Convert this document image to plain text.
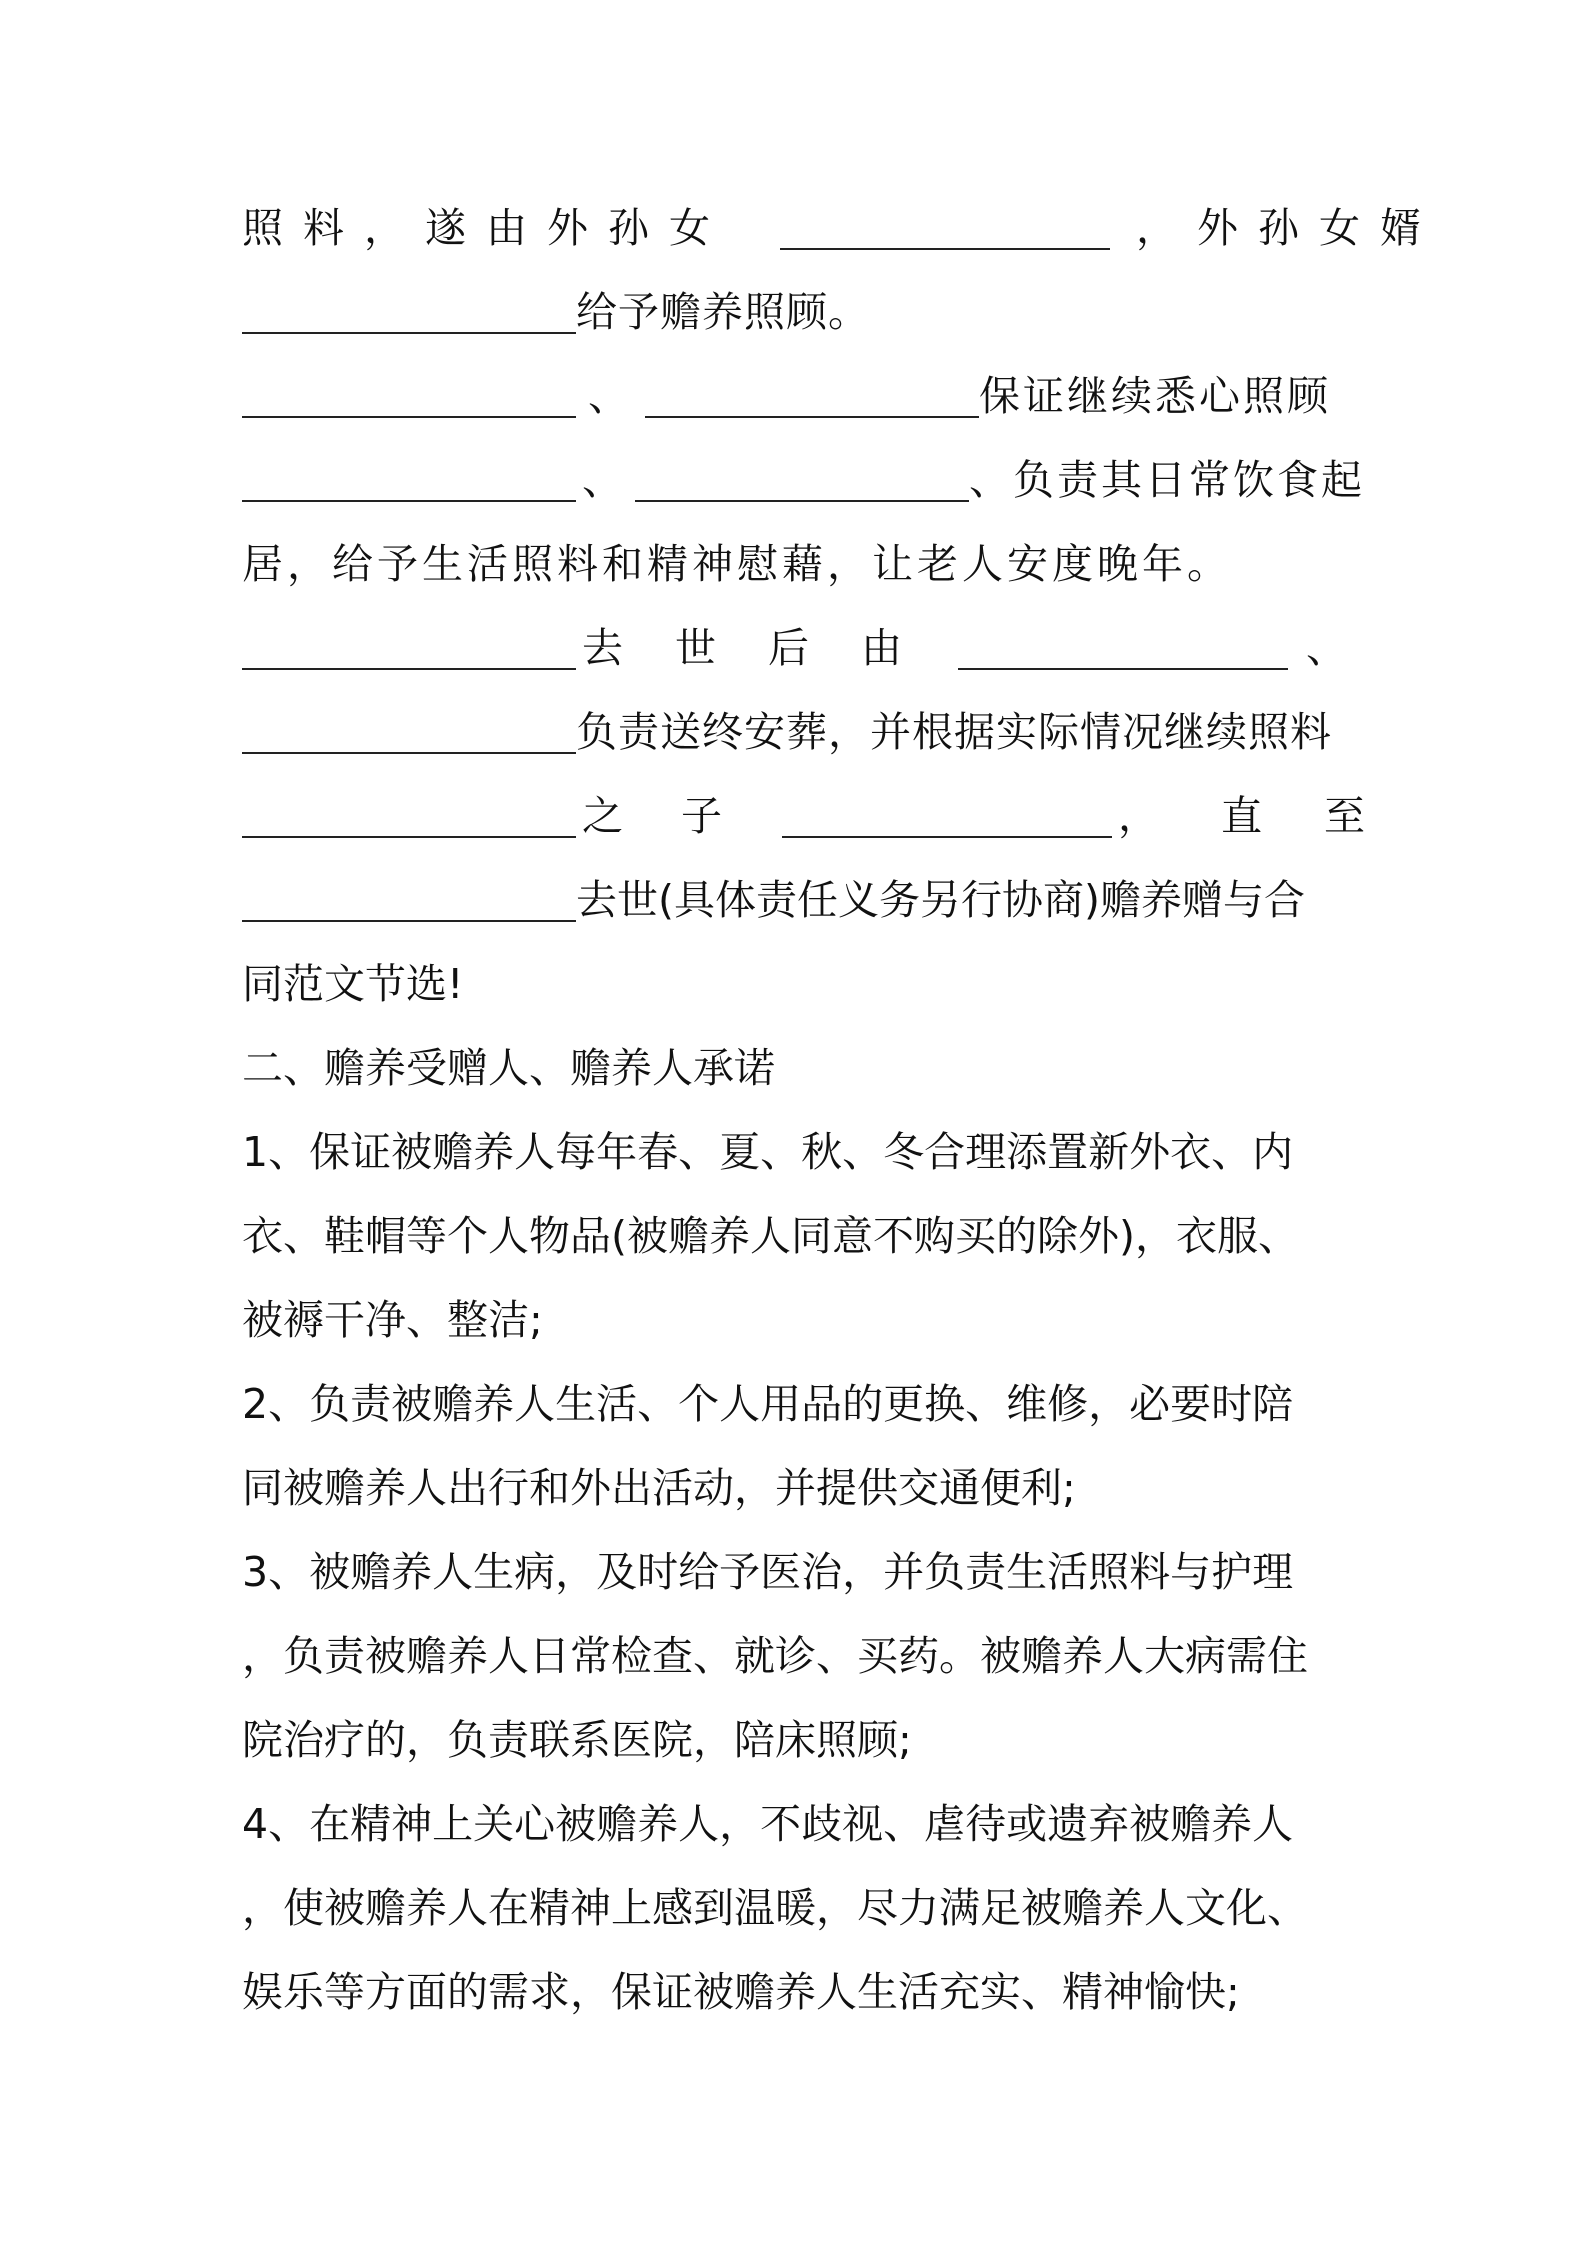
照料，遂由外孙女	，外孙女婿
给予赡养照顾。
、	保证继续悉心照顾
、	、负责其日常饮食起
居，给予生活照料和精神慰藉，让老人安度晚年。
去世后由	、
负责送终安葬，并根据实际情况继续照料
之子	，直至
去世(具体责任义务另行协商)赡养赠与合
同范文节选!
二、赡养受赠人、赡养人承诺
1、保证被赡养人每年春、夏、秋、冬合理添置新外衣、内
衣、鞋帽等个人物品(被赡养人同意不购买的除外)，衣服、
被褥干净、整洁;
2、负责被赡养人生活、个人用品的更换、维修，必要时陪
同被赡养人出行和外出活动，并提供交通便利;
3、被赡养人生病，及时给予医治，并负责生活照料与护理
，负责被赡养人日常检查、就诊、买药。被赡养人大病需住
院治疗的，负责联系医院，陪床照顾;
4、在精神上关心被赡养人，不歧视、虐待或遗弃被赡养人
，使被赡养人在精神上感到温暖，尽力满足被赡养人文化、
娱乐等方面的需求，保证被赡养人生活充实、精神愉快;
